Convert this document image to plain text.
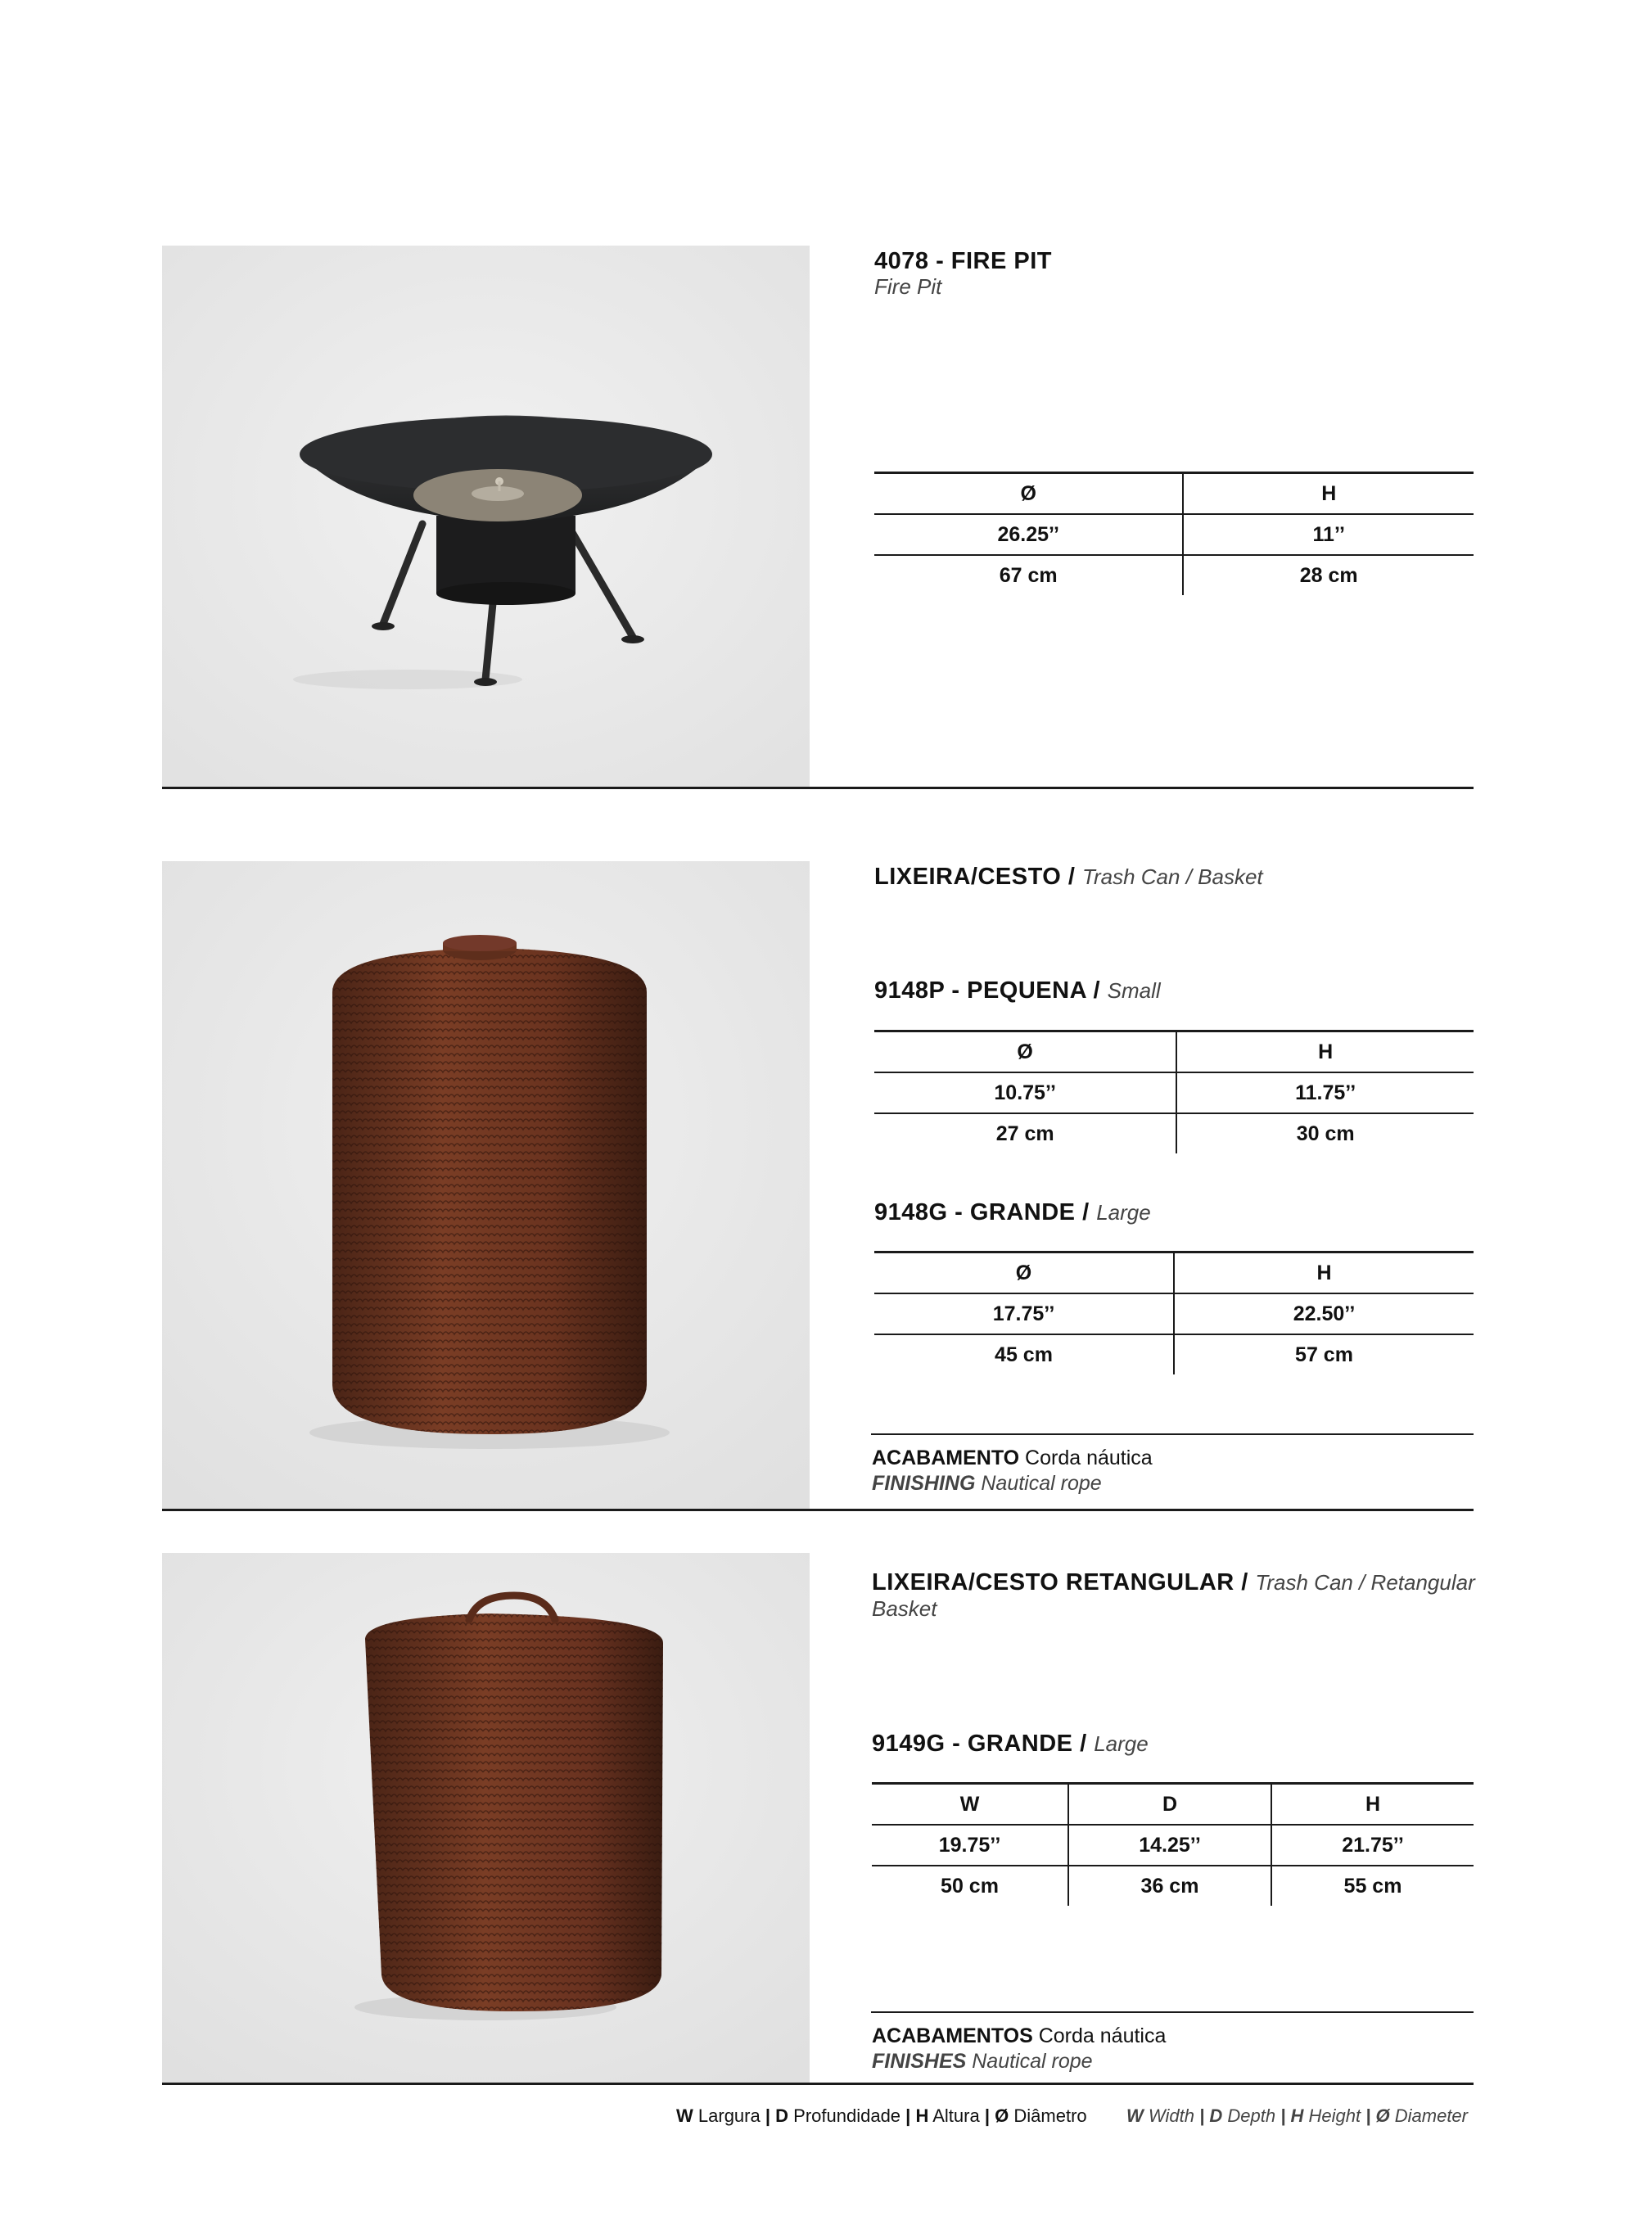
4078 - FIRE PIT
Fire Pit
Ø	H
26.25’’	11’’
67 cm	28 cm
LIXEIRA/CESTO / Trash Can / Basket
9148P - PEQUENA / Small
Ø	H
10.75’’	11.75’’
27 cm	30 cm
9148G - GRANDE / Large
Ø	H
17.75’’	22.50’’
45 cm	57 cm
ACABAMENTO Corda náutica
FINISHING Nautical rope
LIXEIRA/CESTO RETANGULAR / Trash Can / Retangular
Basket
9149G - GRANDE / Large
W	D	H
19.75’’	14.25’’	21.75’’
50 cm	36 cm	55 cm
ACABAMENTOS Corda náutica
FINISHES Nautical rope
W Largura | D Profundidade | H Altura | Ø Diâmetro W Width | D Depth | H Height | Ø Diameter
